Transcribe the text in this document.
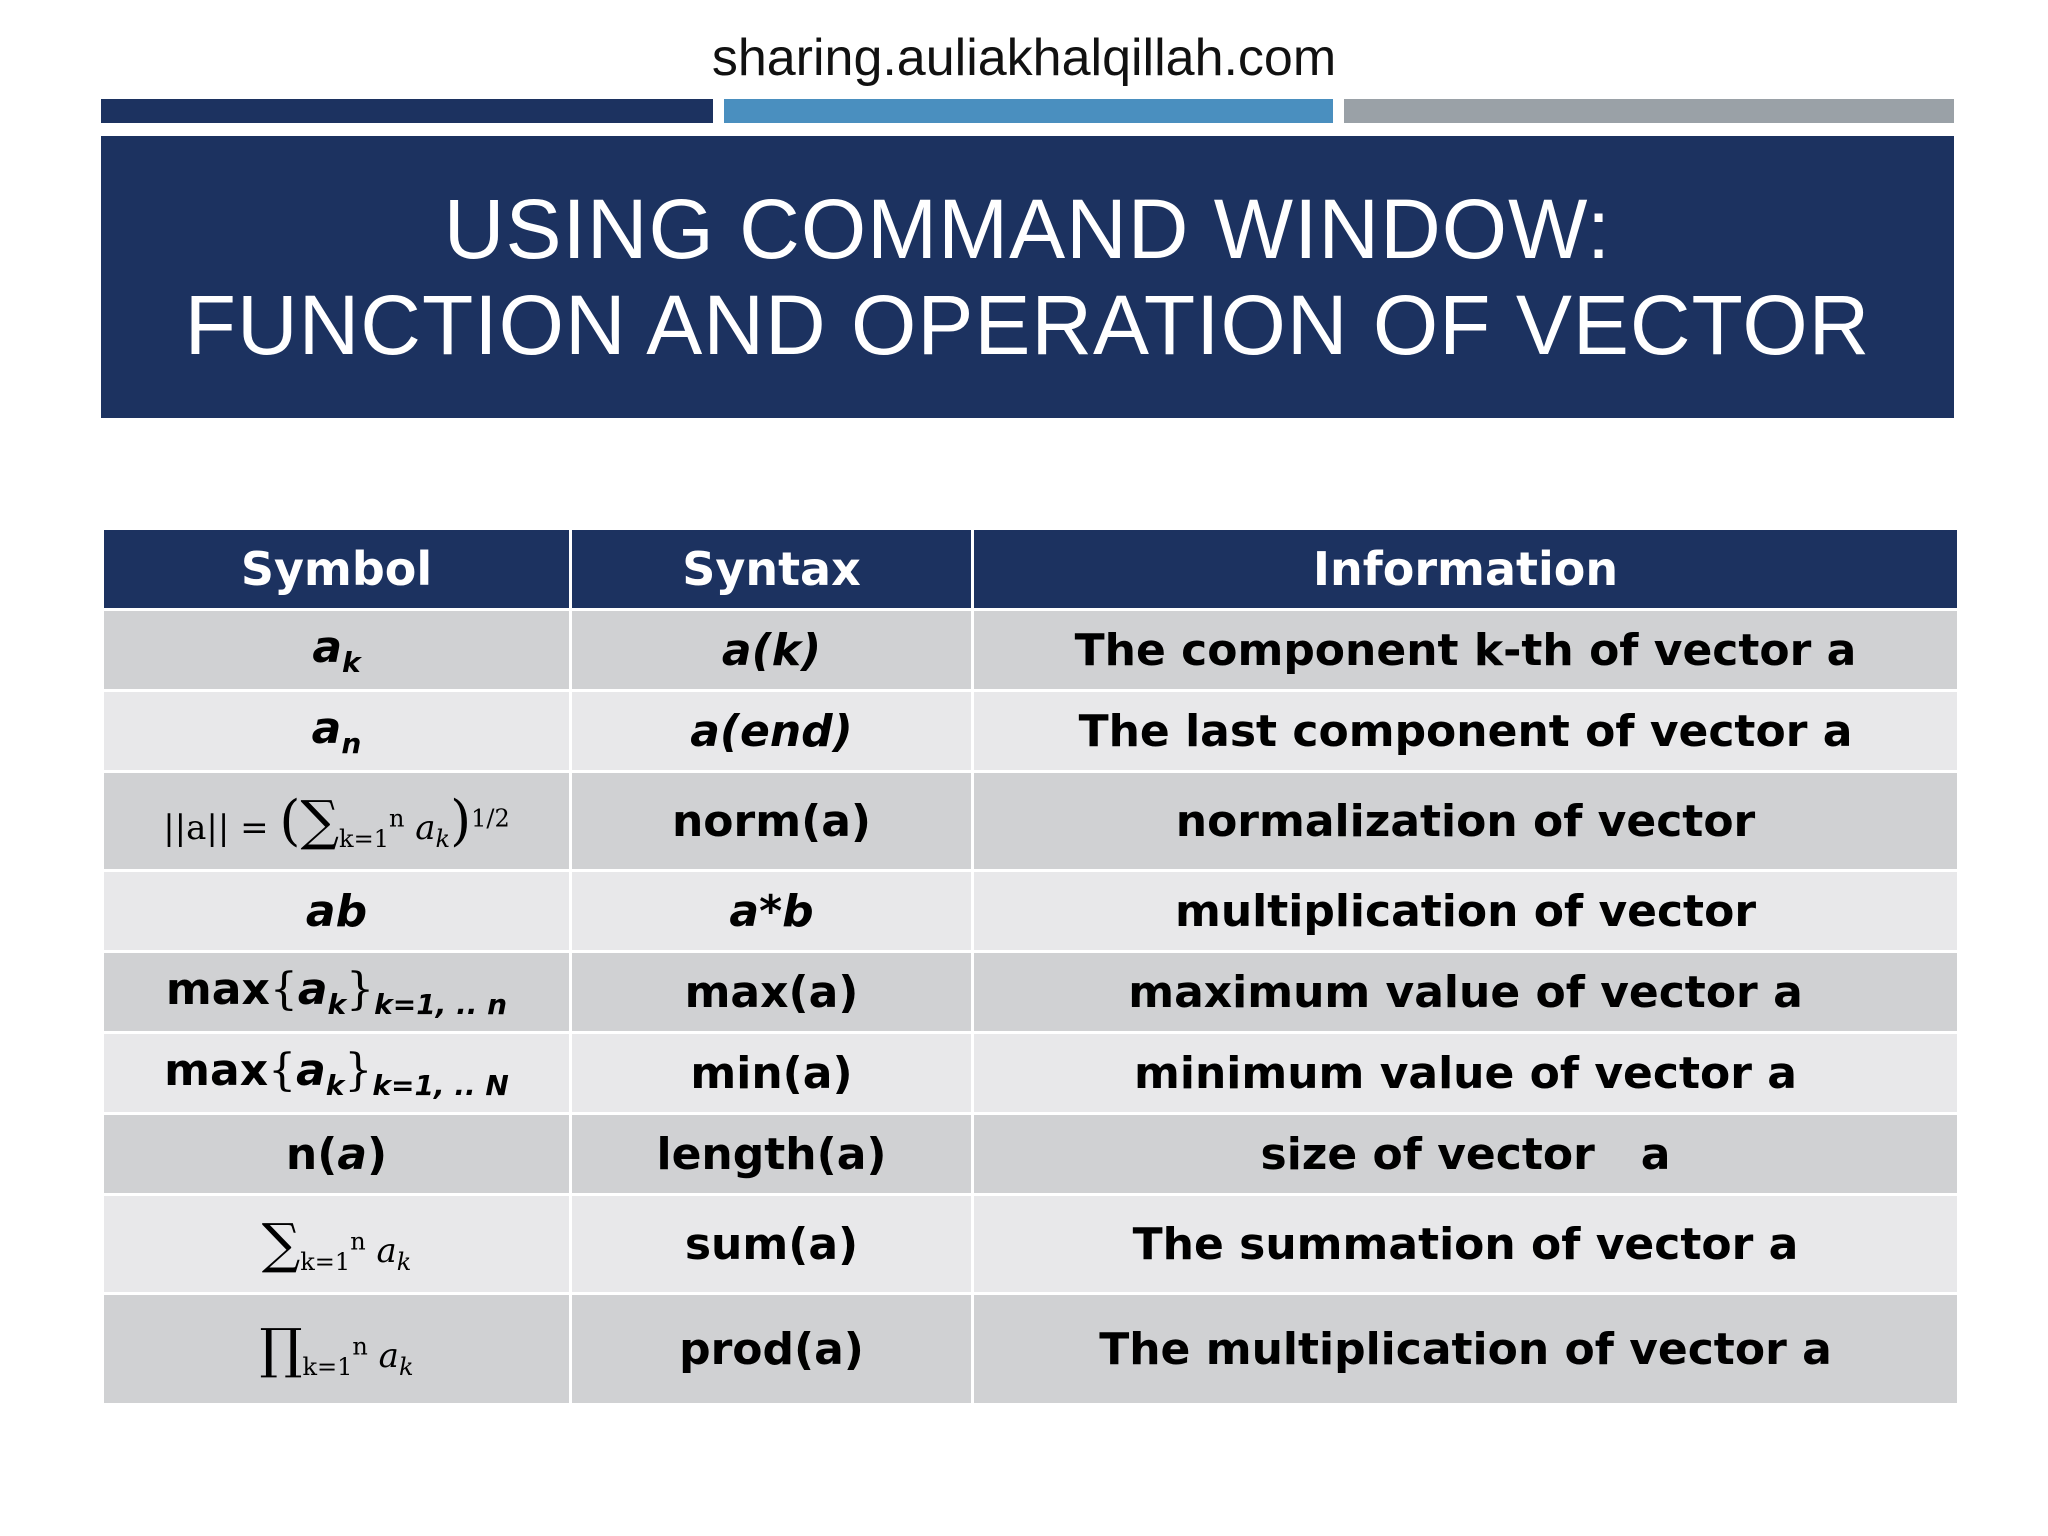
sharing.auliakhalqillah.com
USING COMMAND WINDOW:
FUNCTION AND OPERATION OF VECTOR
Symbol	Syntax	Information
$a_k$	a(k)	The component k-th of vector a
$a_n$	a(end)	The last component of vector a
$||a|| = (\sum_{k=1}^n$ $a_k)^{1/2}$	norm(a)	normalization of vector
ab	a*b	multiplication of vector
$\max\{a_k\}_{k=1, .. n}$	max(a)	maximum value of vector a
$\max\{a_k\}_{k=1, .. N}$	min(a)	minimum value of vector a
n(a)	length(a)	size of vector   a
$\sum_{k=1}^n$ $a_k$	sum(a)	The summation of vector a
$\prod_{k=1}^n$ $a_k$	prod(a)	The multiplication of vector a
